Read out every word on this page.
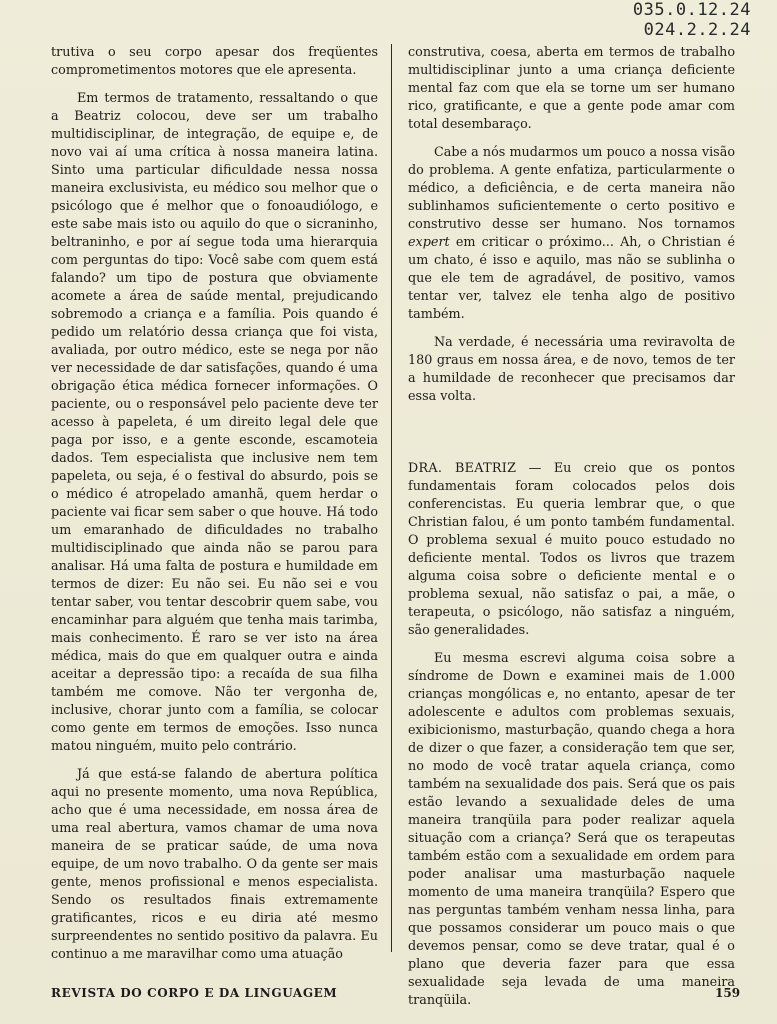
035.0.12.24
024.2.2.24

trutiva o seu corpo apesar dos freqüentes comprometimentos motores que ele apresenta.

Em termos de tratamento, ressaltando o que a Beatriz colocou, deve ser um trabalho multidisciplinar, de integração, de equipe e, de novo vai aí uma crítica à nossa maneira latina. Sinto uma particular dificuldade nessa nossa maneira exclusivista, eu médico sou melhor que o psicólogo que é melhor que o fonoaudiólogo, e este sabe mais isto ou aquilo do que o sicraninho, beltraninho, e por aí segue toda uma hierarquia com perguntas do tipo: Você sabe com quem está falando? um tipo de postura que obviamente acomete a área de saúde mental, prejudicando sobremodo a criança e a família. Pois quando é pedido um relatório dessa criança que foi vista, avaliada, por outro médico, este se nega por não ver necessidade de dar satisfações, quando é uma obrigação ética médica fornecer informações. O paciente, ou o responsável pelo paciente deve ter acesso à papeleta, é um direito legal dele que paga por isso, e a gente esconde, escamoteia dados. Tem especialista que inclusive nem tem papeleta, ou seja, é o festival do absurdo, pois se o médico é atropelado amanhã, quem herdar o paciente vai ficar sem saber o que houve. Há todo um emaranhado de dificuldades no trabalho multidisciplinado que ainda não se parou para analisar. Há uma falta de postura e humildade em termos de dizer: Eu não sei. Eu não sei e vou tentar saber, vou tentar descobrir quem sabe, vou encaminhar para alguém que tenha mais tarimba, mais conhecimento. É raro se ver isto na área médica, mais do que em qualquer outra e ainda aceitar a depressão tipo: a recaída de sua filha também me comove. Não ter vergonha de, inclusive, chorar junto com a família, se colocar como gente em termos de emoções. Isso nunca matou ninguém, muito pelo contrário.

Já que está-se falando de abertura política aqui no presente momento, uma nova República, acho que é uma necessidade, em nossa área de uma real abertura, vamos chamar de uma nova maneira de se praticar saúde, de uma nova equipe, de um novo trabalho. O da gente ser mais gente, menos profissional e menos especialista. Sendo os resultados finais extremamente gratificantes, ricos e eu diria até mesmo surpreendentes no sentido positivo da palavra. Eu continuo a me maravilhar como uma atuação

construtiva, coesa, aberta em termos de trabalho multidisciplinar junto a uma criança deficiente mental faz com que ela se torne um ser humano rico, gratificante, e que a gente pode amar com total desembaraço.

Cabe a nós mudarmos um pouco a nossa visão do problema. A gente enfatiza, particularmente o médico, a deficiência, e de certa maneira não sublinhamos suficientemente o certo positivo e construtivo desse ser humano. Nos tornamos expert em criticar o próximo... Ah, o Christian é um chato, é isso e aquilo, mas não se sublinha o que ele tem de agradável, de positivo, vamos tentar ver, talvez ele tenha algo de positivo também.

Na verdade, é necessária uma reviravolta de 180 graus em nossa área, e de novo, temos de ter a humildade de reconhecer que precisamos dar essa volta.

DRA. BEATRIZ — Eu creio que os pontos fundamentais foram colocados pelos dois conferencistas. Eu queria lembrar que, o que Christian falou, é um ponto também fundamental. O problema sexual é muito pouco estudado no deficiente mental. Todos os livros que trazem alguma coisa sobre o deficiente mental e o problema sexual, não satisfaz o pai, a mãe, o terapeuta, o psicólogo, não satisfaz a ninguém, são generalidades.

Eu mesma escrevi alguma coisa sobre a síndrome de Down e examinei mais de 1.000 crianças mongólicas e, no entanto, apesar de ter adolescente e adultos com problemas sexuais, exibicionismo, masturbação, quando chega a hora de dizer o que fazer, a consideração tem que ser, no modo de você tratar aquela criança, como também na sexualidade dos pais. Será que os pais estão levando a sexualidade deles de uma maneira tranqüila para poder realizar aquela situação com a criança? Será que os terapeutas também estão com a sexualidade em ordem para poder analisar uma masturbação naquele momento de uma maneira tranqüila? Espero que nas perguntas também venham nessa linha, para que possamos considerar um pouco mais o que devemos pensar, como se deve tratar, qual é o plano que deveria fazer para que essa sexualidade seja levada de uma maneira tranqüila.

REVISTA DO CORPO E DA LINGUAGEM	159
